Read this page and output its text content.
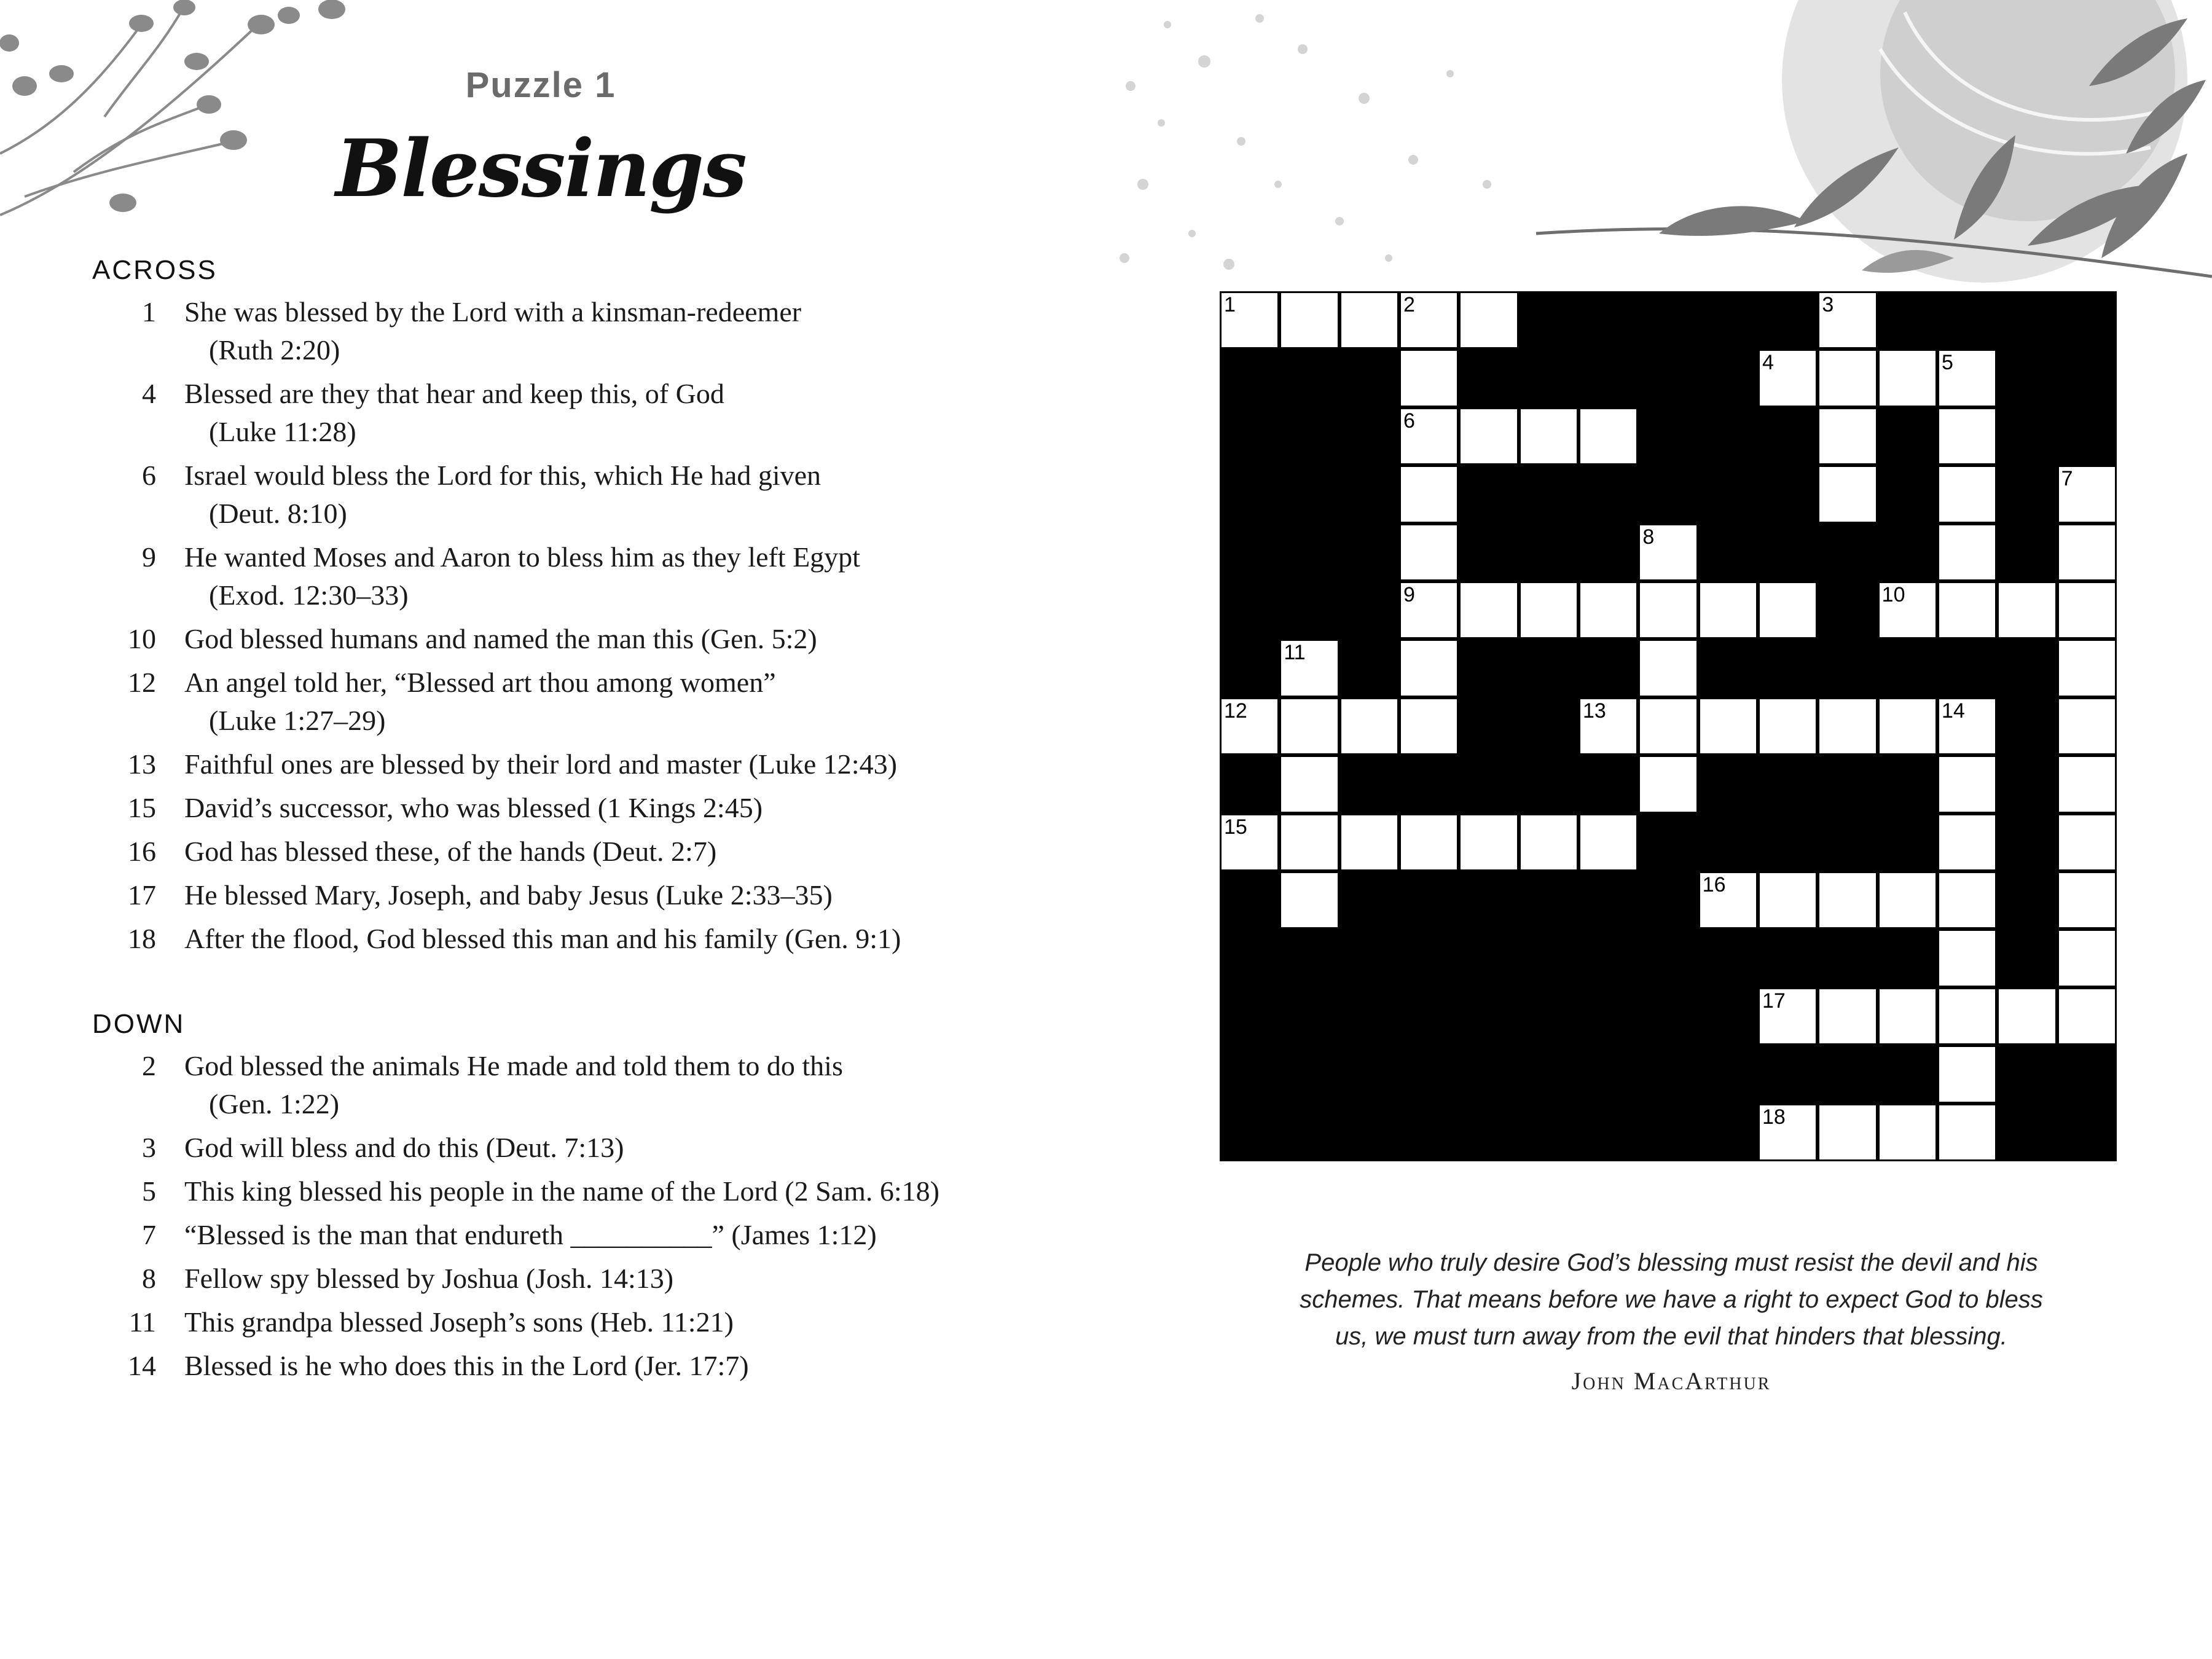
Puzzle 1
Blessings
ACROSS
1 She was blessed by the Lord with a kinsman-redeemer
(Ruth 2:20)
4 Blessed are they that hear and keep this, of God
(Luke 11:28)
6 Israel would bless the Lord for this, which He had given
(Deut. 8:10)
9 He wanted Moses and Aaron to bless him as they left Egypt
(Exod. 12:30–33)
10 God blessed humans and named the man this (Gen. 5:2)
12 An angel told her, “Blessed art thou among women”
(Luke 1:27–29)
13 Faithful ones are blessed by their lord and master (Luke 12:43)
15 David’s successor, who was blessed (1 Kings 2:45)
16 God has blessed these, of the hands (Deut. 2:7)
17 He blessed Mary, Joseph, and baby Jesus (Luke 2:33–35)
18 After the flood, God blessed this man and his family (Gen. 9:1)
DOWN
2 God blessed the animals He made and told them to do this
(Gen. 1:22)
3 God will bless and do this (Deut. 7:13)
5 This king blessed his people in the name of the Lord (2 Sam. 6:18)
7 “Blessed is the man that endureth __________” (James 1:12)
8 Fellow spy blessed by Joshua (Josh. 14:13)
11 This grandpa blessed Joseph’s sons (Heb. 11:21)
14 Blessed is he who does this in the Lord (Jer. 17:7)
1	2	3
4	5
6
7
8
9	10
11
12	13	14
15
16
17
18
People who truly desire God’s blessing must resist the devil and his
schemes. That means before we have a right to expect God to bless
us, we must turn away from the evil that hinders that blessing.
John MacArthur
